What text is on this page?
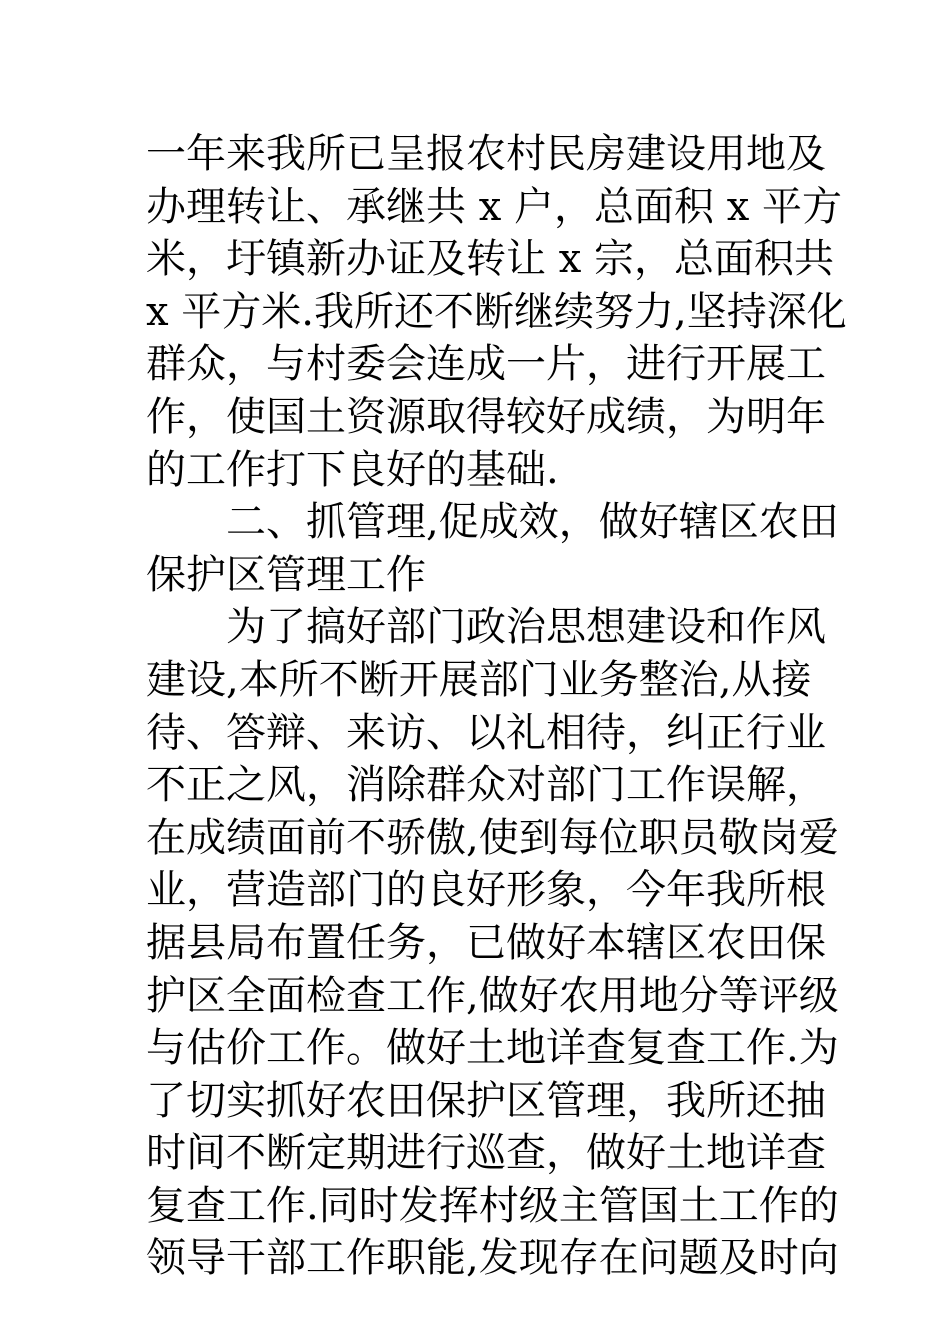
一年来我所已呈报农村民房建设用地及
办理转让、承继共 x 户，总面积 x 平方
米，圩镇新办证及转让 x 宗，总面积共
x 平方米.我所还不断继续努力,坚持深化
群众，与村委会连成一片，进行开展工
作，使国土资源取得较好成绩，为明年
的工作打下良好的基础.
二、抓管理,促成效，做好辖区农田
保护区管理工作
为了搞好部门政治思想建设和作风
建设,本所不断开展部门业务整治,从接
待、答辩、来访、以礼相待，纠正行业
不正之风，消除群众对部门工作误解，
在成绩面前不骄傲,使到每位职员敬岗爱
业，营造部门的良好形象，今年我所根
据县局布置任务，已做好本辖区农田保
护区全面检查工作,做好农用地分等评级
与估价工作。做好土地详查复查工作.为
了切实抓好农田保护区管理，我所还抽
时间不断定期进行巡查，做好土地详查
复查工作.同时发挥村级主管国土工作的
领导干部工作职能,发现存在问题及时向
